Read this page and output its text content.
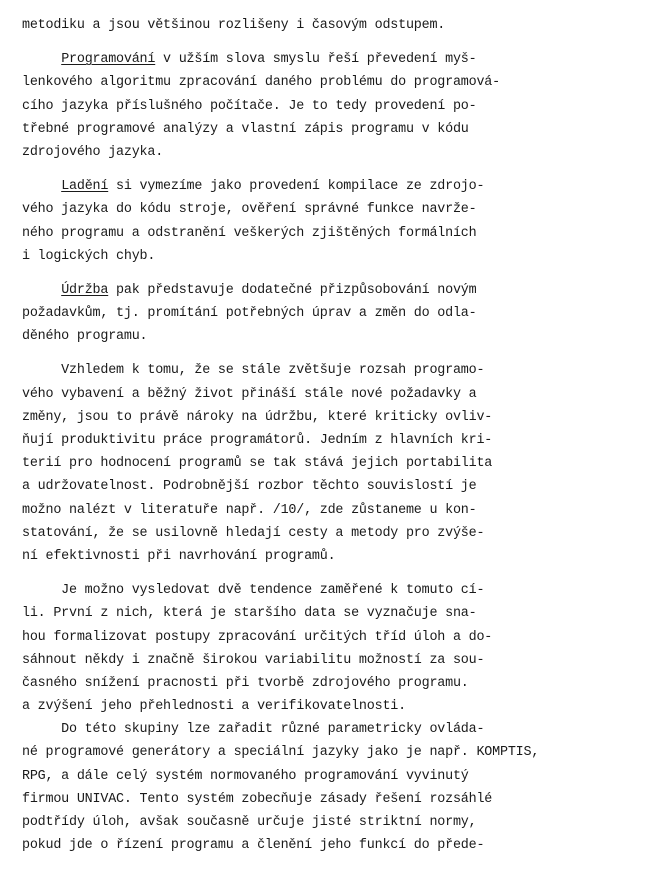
metodiku a jsou většinou rozlišeny i časovým odstupem.
Programování v užším slova smyslu řeší převedení myš-
lenkového algoritmu zpracování daného problému do programová-
cího jazyka příslušného počítače. Je to tedy provedení po-
třebné programové analýzy a vlastní zápis programu v kódu
zdrojového jazyka.
Ladění si vymezíme jako provedení kompilace ze zdrojo-
vého jazyka do kódu stroje, ověření správné funkce navrže-
ného programu a odstranění veškerých zjištěných formálních
i logických chyb.
Údržba pak představuje dodatečné přizpůsobování novým
požadavkům, tj. promítání potřebných úprav a změn do odla-
děného programu.
Vzhledem k tomu, že se stále zvětšuje rozsah programo-
vého vybavení a běžný život přináší stále nové požadavky a
změny, jsou to právě nároky na údržbu, které kriticky ovliv-
ňují produktivitu práce programátorů. Jedním z hlavních kri-
terií pro hodnocení programů se tak stává jejich portabilita
a udržovatelnost. Podrobnější rozbor těchto souvislostí je
možno nalézt v literatuře např. /10/, zde zůstaneme u kon-
statování, že se usilovně hledají cesty a metody pro zvýše-
ní efektivnosti při navrhování programů.
Je možno vysledovat dvě tendence zaměřené k tomuto cí-
li. První z nich, která je staršího data se vyznačuje sna-
hou formalizovat postupy zpracování určitých tříd úloh a do-
sáhnout někdy i značně širokou variabilitu možností za sou-
časného snížení pracnosti při tvorbě zdrojového programu.
a zvýšení jeho přehlednosti a verifikovatelnosti.
Do této skupiny lze zařadit různé parametricky ovláda-
né programové generátory a speciální jazyky jako je např. KOMPTIS,
RPG, a dále celý systém normovaného programování vyvinutý
firmou UNIVAC. Tento systém zobecňuje zásady řešení rozsáhlé
podtřídy úloh, avšak současně určuje jisté striktní normy,
pokud jde o řízení programu a členění jeho funkcí do přede-
